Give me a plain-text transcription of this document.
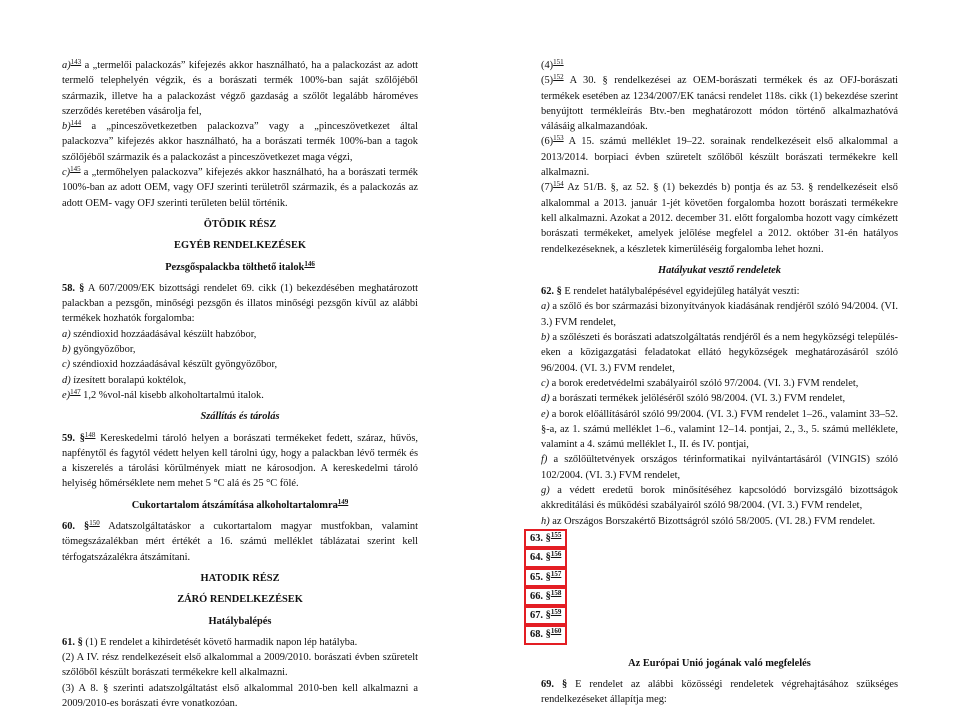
a)$^{143}$ a „termelői palackozás” kifejezés akkor használható, ha a palackozást az adott termelő telephelyén végzik, és a borászati termék 100%-ban saját szőlőjéből származik, illetve ha a palackozást végző gazdaság a szőlőt legalább hároméves szerződés keretében vásárolja fel,

b)$^{144}$ a „pinceszövetkezetben palackozva” vagy a „pinceszövetkezet által palackozva” kifejezés akkor használható, ha a borászati termék 100%-ban a tagok szőlőjéből származik és a palackozást a pinceszövetkezet maga végzi,

c)$^{145}$ a „termőhelyen palackozva” kifejezés akkor használható, ha a borászati termék 100%-ban az adott OEM, vagy OFJ szerinti területről származik, és a palackozás az adott OEM- vagy OFJ szerinti területen belül történik.

ÖTÖDIK RÉSZ

EGYÉB RENDELKEZÉSEK

Pezsgőspalackba tölthető italok$^{146}$

58. § A 607/2009/EK bizottsági rendelet 69. cikk (1) bekezdésében meghatározott palackban a pezsgőn, minőségi pezsgőn és illatos minőségi pezsgőn kívül az alábbi termékek hozhatók forgalomba:

a) széndioxid hozzáadásával készült habzóbor,

b) gyöngyözőbor,

c) széndioxid hozzáadásával készült gyöngyözőbor,

d) ízesített boralapú koktélok,

e)$^{147}$ 1,2 %vol-nál kisebb alkoholtartalmú italok.

Szállítás és tárolás

59. §$^{148}$ Kereskedelmi tároló helyen a borászati termékeket fedett, száraz, hűvös, napfénytől és fagytól védett helyen kell tárolni úgy, hogy a palackban lévő termék és a kiszerelés a tárolási körülmények miatt ne károsodjon. A kereskedelmi tároló helyiség hőmérséklete nem mehet 5 °C alá és 25 °C fölé.

Cukortartalom átszámítása alkoholtartalomra$^{149}$

60. §$^{150}$ Adatszolgáltatáskor a cukortartalom magyar mustfokban, valamint tömegszázalékban mért értékét a 16. számú melléklet táblázatai szerint kell térfogatszázalékra átszámítani.

HATODIK RÉSZ

ZÁRÓ RENDELKEZÉSEK

Hatálybalépés

61. § (1) E rendelet a kihirdetését követő harmadik napon lép hatályba.

(2) A IV. rész rendelkezéseit első alkalommal a 2009/2010. borászati évben szüretelt szőlőből készült borászati termékekre kell alkalmazni.

(3) A 8. § szerinti adatszolgáltatást első alkalommal 2010-ben kell alkalmazni a 2009/2010-es borászati évre vonatkozóan.

$(4)^{151}$

$(5)^{152}$ A 30. § rendelkezései az OEM-borászati termékek és az OFJ-borászati termékek esetében az 1234/2007/EK tanácsi rendelet 118s. cikk (1) bekezdése szerint benyújtott termékleírás Btv.-ben meghatározott módon történő alkalmazhatóvá válásáig alkalmazandóak.

$(6)^{153}$ A 15. számú melléklet 19–22. sorainak rendelkezéseit első alkalommal a 2013/2014. borpiaci évben szüretelt szőlőből készült borászati termékekre kell alkalmazni.

$(7)^{154}$ Az 51/B. §, az 52. § (1) bekezdés b) pontja és az 53. § rendelkezéseit első alkalommal a 2013. január 1-jét követően forgalomba hozott borászati termékekre kell alkalmazni. Azokat a 2012. december 31. előtt forgalomba hozott vagy címkézett borászati termékeket, amelyek jelölése megfelel a 2012. október 31-én hatályos rendelkezéseknek, a készletek kimerüléséig forgalomba lehet hozni.

Hatályukat vesztő rendeletek

62. § E rendelet hatálybalépésével egyidejűleg hatályát veszti:

a) a szőlő és bor származási bizonyítványok kiadásának rendjéről szóló 94/2004. (VI. 3.) FVM rendelet,

b) a szőlészeti és borászati adatszolgáltatás rendjéről és a nem hegyközségi településeken a közigazgatási feladatokat ellátó hegyközségek meghatározásáról szóló 96/2004. (VI. 3.) FVM rendelet,

c) a borok eredetvédelmi szabályairól szóló 97/2004. (VI. 3.) FVM rendelet,

d) a borászati termékek jelöléséről szóló 98/2004. (VI. 3.) FVM rendelet,

e) a borok előállításáról szóló 99/2004. (VI. 3.) FVM rendelet 1–26., valamint 33–52. §-a, az 1. számú melléklet 1–6., valamint 12–14. pontjai, 2., 3., 5. számú melléklete, valamint a 4. számú melléklet I., II. és IV. pontjai,

f) a szőlőültetvények országos térinformatikai nyilvántartásáról (VINGIS) szóló 102/2004. (VI. 3.) FVM rendelet,

g) a védett eredetű borok minősítéséhez kapcsolódó borvizsgáló bizottságok akkreditálási és működési szabályairól szóló 98/2004. (VI. 3.) FVM rendelet,

h) az Országos Borszakértő Bizottságról szóló 58/2005. (VI. 28.) FVM rendelet.

63. §$^{155}$
64. §$^{156}$
65. §$^{157}$
66. §$^{158}$
67. §$^{159}$
68. §$^{160}$

Az Európai Unió jogának való megfelelés

69. § E rendelet az alábbi közösségi rendeletek végrehajtásához szükséges rendelkezéseket állapítja meg:
